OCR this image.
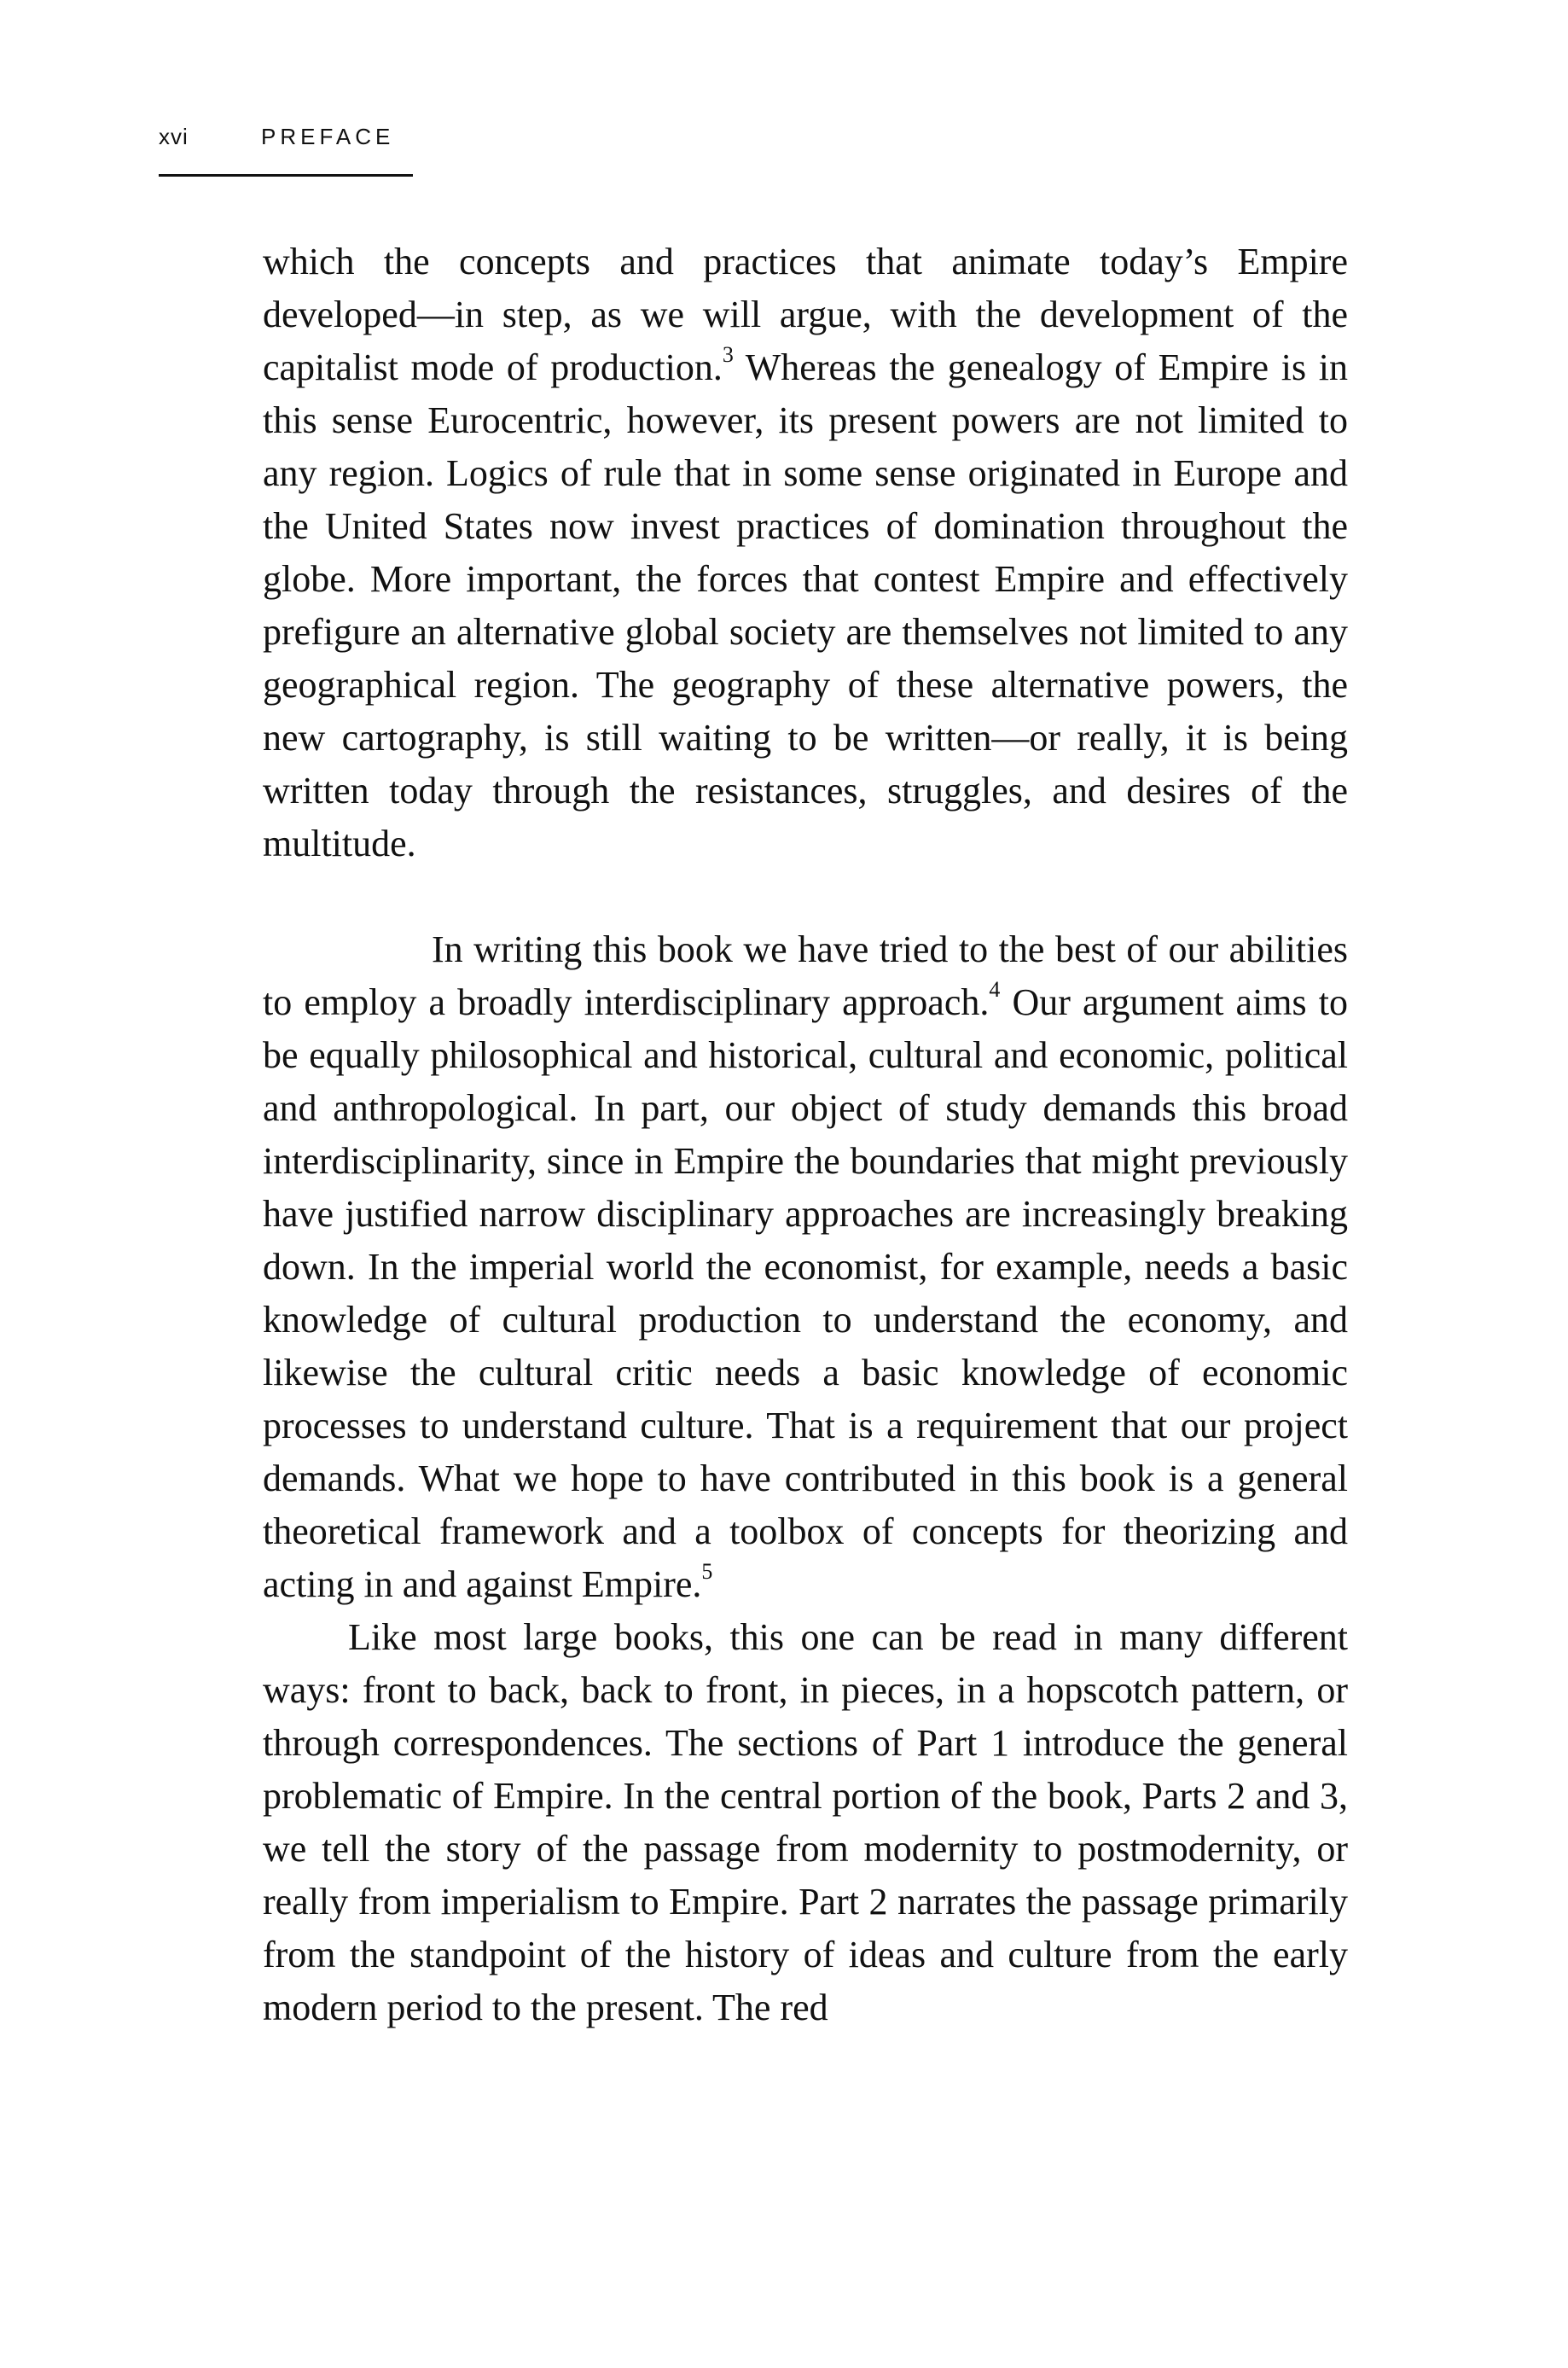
xvi	PREFACE

which the concepts and practices that animate today’s Empire developed—in step, as we will argue, with the development of the capitalist mode of production.$^3$ Whereas the genealogy of Empire is in this sense Eurocentric, however, its present powers are not limited to any region. Logics of rule that in some sense originated in Europe and the United States now invest practices of domination throughout the globe. More important, the forces that contest Empire and effectively prefigure an alternative global society are themselves not limited to any geographical region. The geography of these alternative powers, the new cartography, is still waiting to be written—or really, it is being written today through the resistances, struggles, and desires of the multitude.

In writing this book we have tried to the best of our abilities to employ a broadly interdisciplinary approach.$^4$ Our argument aims to be equally philosophical and historical, cultural and economic, political and anthropological. In part, our object of study demands this broad interdisciplinarity, since in Empire the boundaries that might previously have justified narrow disciplinary approaches are increasingly breaking down. In the imperial world the economist, for example, needs a basic knowledge of cultural production to understand the economy, and likewise the cultural critic needs a basic knowledge of economic processes to understand culture. That is a requirement that our project demands. What we hope to have contributed in this book is a general theoretical framework and a toolbox of concepts for theorizing and acting in and against Empire.$^5$

Like most large books, this one can be read in many different ways: front to back, back to front, in pieces, in a hopscotch pattern, or through correspondences. The sections of Part 1 introduce the general problematic of Empire. In the central portion of the book, Parts 2 and 3, we tell the story of the passage from modernity to postmodernity, or really from imperialism to Empire. Part 2 narrates the passage primarily from the standpoint of the history of ideas and culture from the early modern period to the present. The red
